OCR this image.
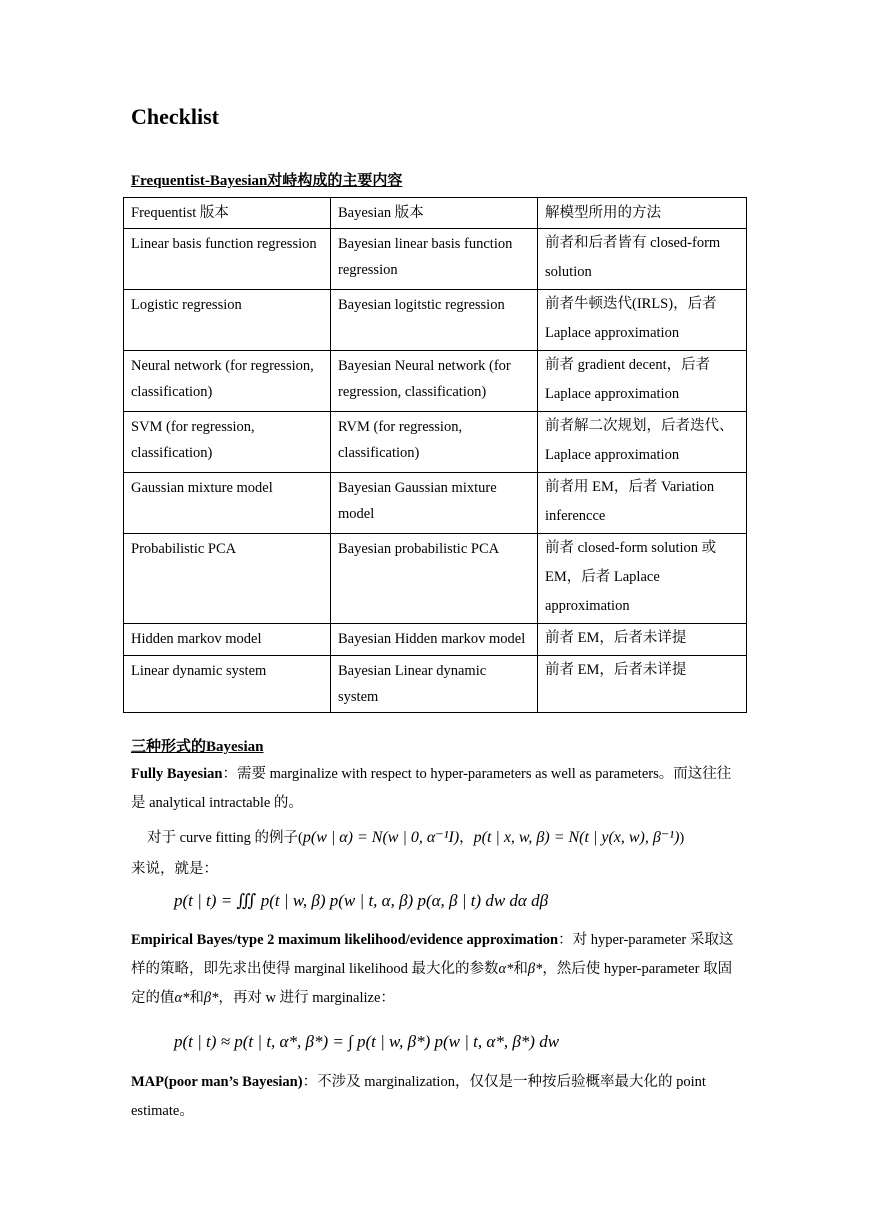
Checklist
Frequentist-Bayesian对峙构成的主要内容
Frequentist 版本	Bayesian 版本	解模型所用的方法
Linear basis function regression	Bayesian linear basis function regression	前者和后者皆有 closed-form solution
Logistic regression	Bayesian logitstic regression	前者牛顿迭代(IRLS)，后者 Laplace approximation
Neural network (for regression, classification)	Bayesian Neural network (for regression, classification)	前者 gradient decent，后者 Laplace approximation
SVM (for regression, classification)	RVM (for regression, classification)	前者解二次规划，后者迭代、Laplace approximation
Gaussian mixture model	Bayesian Gaussian mixture model	前者用 EM，后者 Variation inferencce
Probabilistic PCA	Bayesian probabilistic PCA	前者 closed-form solution 或 EM，后者 Laplace approximation
Hidden markov model	Bayesian Hidden markov model	前者 EM，后者未详提
Linear dynamic system	Bayesian Linear dynamic system	前者 EM，后者未详提
三种形式的Bayesian
Fully Bayesian：需要 marginalize with respect to hyper-parameters as well as parameters。而这往往是 analytical intractable 的。
对于 curve fitting 的例子(p(w | α) = N(w | 0, α⁻¹I)，p(t | x, w, β) = N(t | y(x, w), β⁻¹))
来说，就是：
p(t | t) = ∭ p(t | w, β) p(w | t, α, β) p(α, β | t) dw dα dβ
Empirical Bayes/type 2 maximum likelihood/evidence approximation：对 hyper-parameter 采取这样的策略，即先求出使得 marginal likelihood 最大化的参数α*和β*，然后使 hyper-parameter 取固定的值α*和β*，再对 w 进行 marginalize：
p(t | t) ≈ p(t | t, α*, β*) = ∫ p(t | w, β*) p(w | t, α*, β*) dw
MAP(poor man’s Bayesian)：不涉及 marginalization，仅仅是一种按后验概率最大化的 point estimate。
